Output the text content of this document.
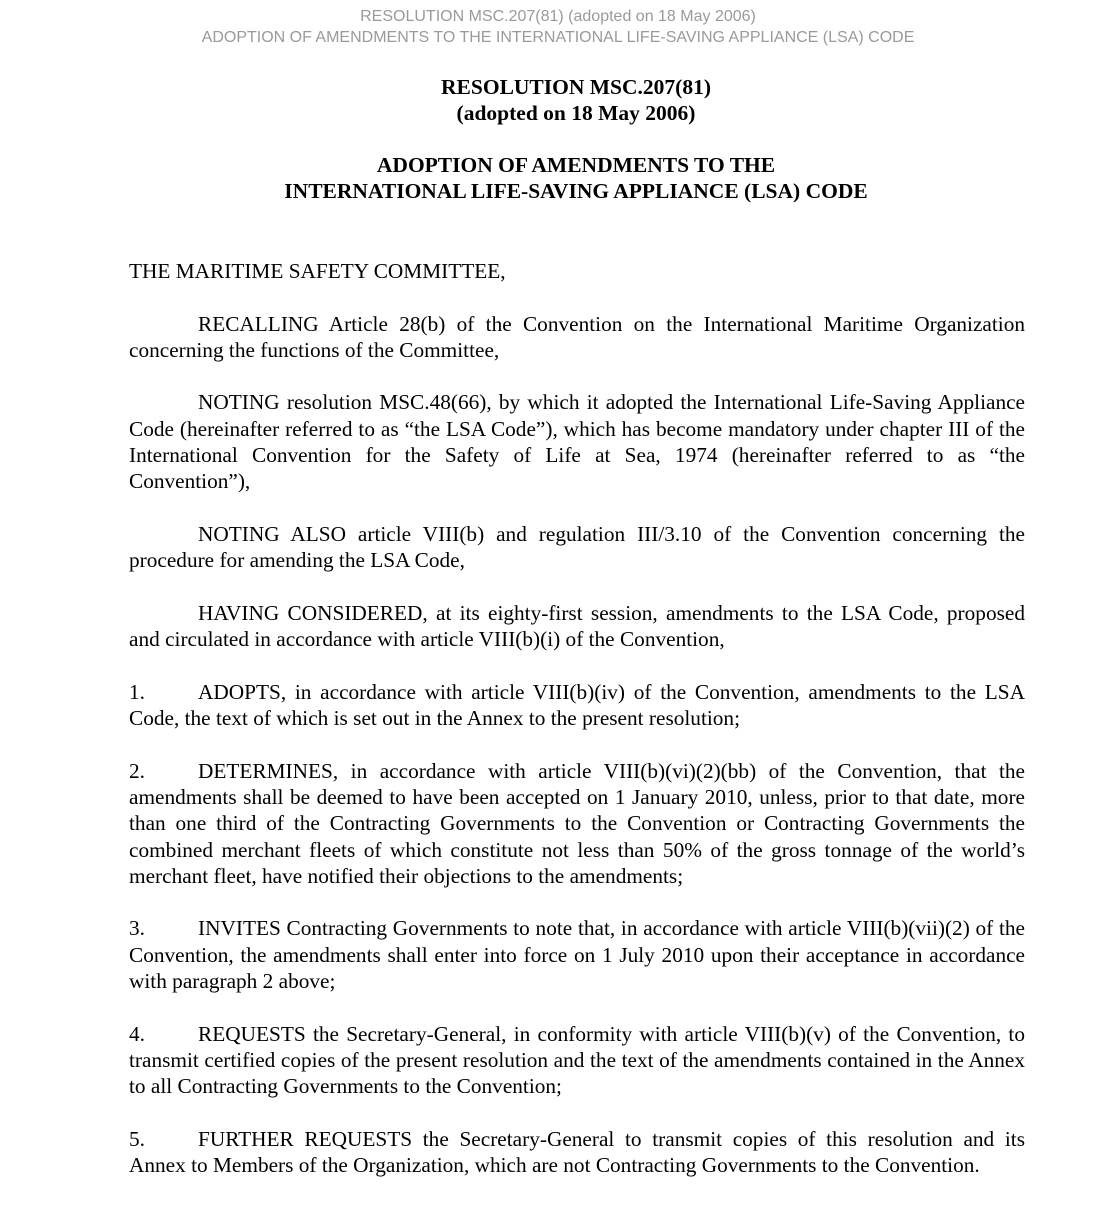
RESOLUTION MSC.207(81) (adopted on 18 May 2006)
ADOPTION OF AMENDMENTS TO THE INTERNATIONAL LIFE-SAVING APPLIANCE (LSA) CODE
RESOLUTION MSC.207(81)
(adopted on 18 May 2006)
ADOPTION OF AMENDMENTS TO THE
INTERNATIONAL LIFE-SAVING APPLIANCE (LSA) CODE

THE MARITIME SAFETY COMMITTEE,

RECALLING Article 28(b) of the Convention on the International Maritime Organization concerning the functions of the Committee,

NOTING resolution MSC.48(66), by which it adopted the International Life-Saving Appliance Code (hereinafter referred to as “the LSA Code”), which has become mandatory under chapter III of the International Convention for the Safety of Life at Sea, 1974 (hereinafter referred to as “the Convention”),

NOTING ALSO article VIII(b) and regulation III/3.10 of the Convention concerning the procedure for amending the LSA Code,

HAVING CONSIDERED, at its eighty-first session, amendments to the LSA Code, proposed and circulated in accordance with article VIII(b)(i) of the Convention,

1. ADOPTS, in accordance with article VIII(b)(iv) of the Convention, amendments to the LSA Code, the text of which is set out in the Annex to the present resolution;

2. DETERMINES, in accordance with article VIII(b)(vi)(2)(bb) of the Convention, that the amendments shall be deemed to have been accepted on 1 January 2010, unless, prior to that date, more than one third of the Contracting Governments to the Convention or Contracting Governments the combined merchant fleets of which constitute not less than 50% of the gross tonnage of the world’s merchant fleet, have notified their objections to the amendments;

3. INVITES Contracting Governments to note that, in accordance with article VIII(b)(vii)(2) of the Convention, the amendments shall enter into force on 1 July 2010 upon their acceptance in accordance with paragraph 2 above;

4. REQUESTS the Secretary-General, in conformity with article VIII(b)(v) of the Convention, to transmit certified copies of the present resolution and the text of the amendments contained in the Annex to all Contracting Governments to the Convention;

5. FURTHER REQUESTS the Secretary-General to transmit copies of this resolution and its Annex to Members of the Organization, which are not Contracting Governments to the Convention.
